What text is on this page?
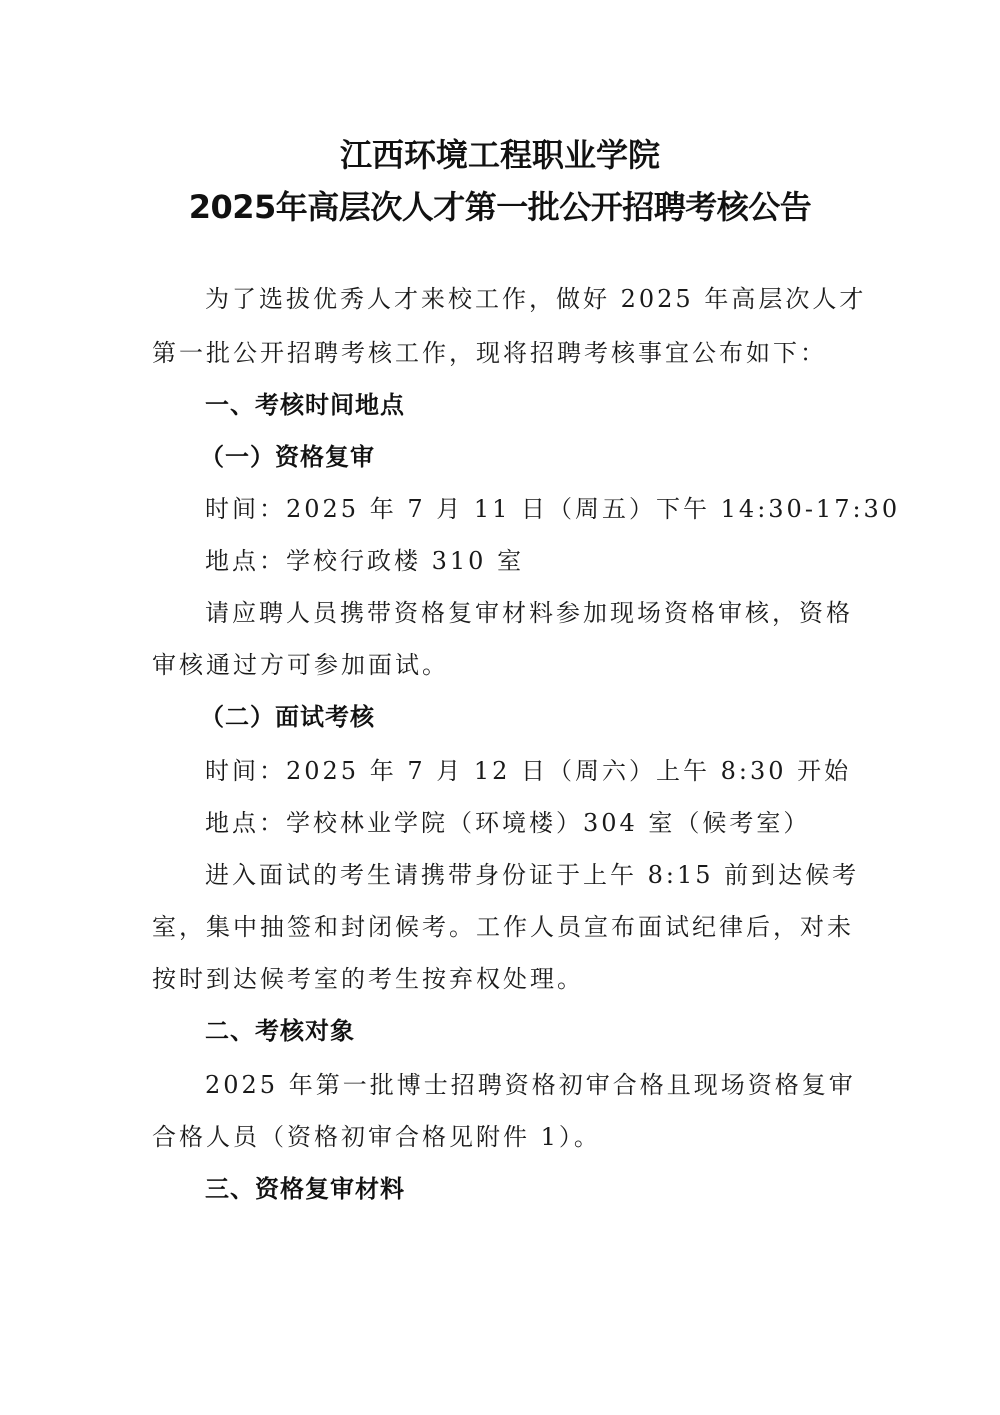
江西环境工程职业学院
2025年高层次人才第一批公开招聘考核公告
为了选拔优秀人才来校工作，做好 2025 年高层次人才
第一批公开招聘考核工作，现将招聘考核事宜公布如下：
一、考核时间地点
（一）资格复审
时间：2025 年 7 月 11 日（周五）下午 14:30-17:30
地点：学校行政楼 310 室
请应聘人员携带资格复审材料参加现场资格审核，资格
审核通过方可参加面试。
（二）面试考核
时间：2025 年 7 月 12 日（周六）上午 8:30 开始
地点：学校林业学院（环境楼）304 室（候考室）
进入面试的考生请携带身份证于上午 8:15 前到达候考
室，集中抽签和封闭候考。工作人员宣布面试纪律后，对未
按时到达候考室的考生按弃权处理。
二、考核对象
2025 年第一批博士招聘资格初审合格且现场资格复审
合格人员（资格初审合格见附件 1）。
三、资格复审材料
